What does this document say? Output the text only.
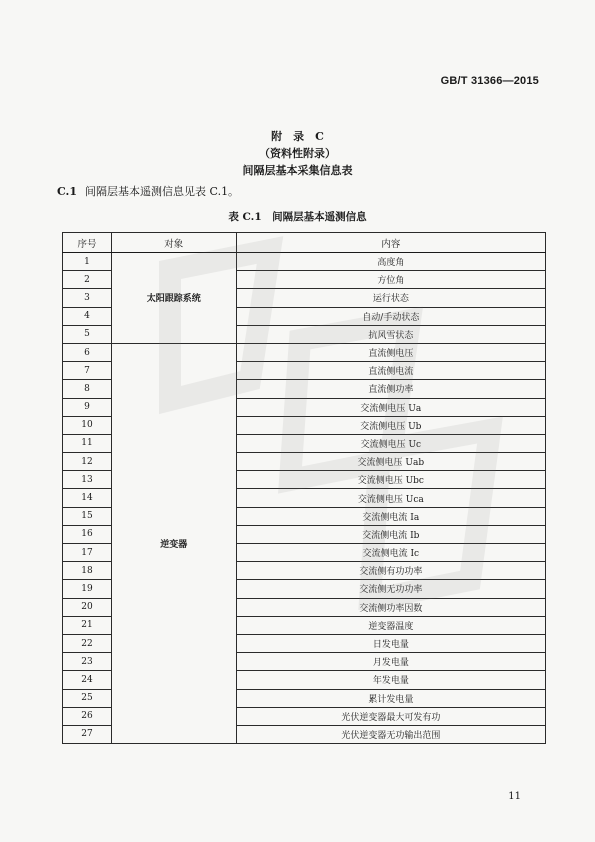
GB/T 31366—2015
附　录　C
（资料性附录）
间隔层基本采集信息表
C.1 间隔层基本遥测信息见表 C.1。
表 C.1　间隔层基本遥测信息
序号	对象	内容
1	太阳跟踪系统	高度角
2		方位角
3		运行状态
4		自动/手动状态
5		抗风雪状态
6	逆变器	直流侧电压
7		直流侧电流
8		直流侧功率
9		交流侧电压 Ua
10		交流侧电压 Ub
11		交流侧电压 Uc
12		交流侧电压 Uab
13		交流侧电压 Ubc
14		交流侧电压 Uca
15		交流侧电流 Ia
16		交流侧电流 Ib
17		交流侧电流 Ic
18		交流侧有功功率
19		交流侧无功功率
20		交流侧功率因数
21		逆变器温度
22		日发电量
23		月发电量
24		年发电量
25		累计发电量
26		光伏逆变器最大可发有功
27		光伏逆变器无功输出范围
11
